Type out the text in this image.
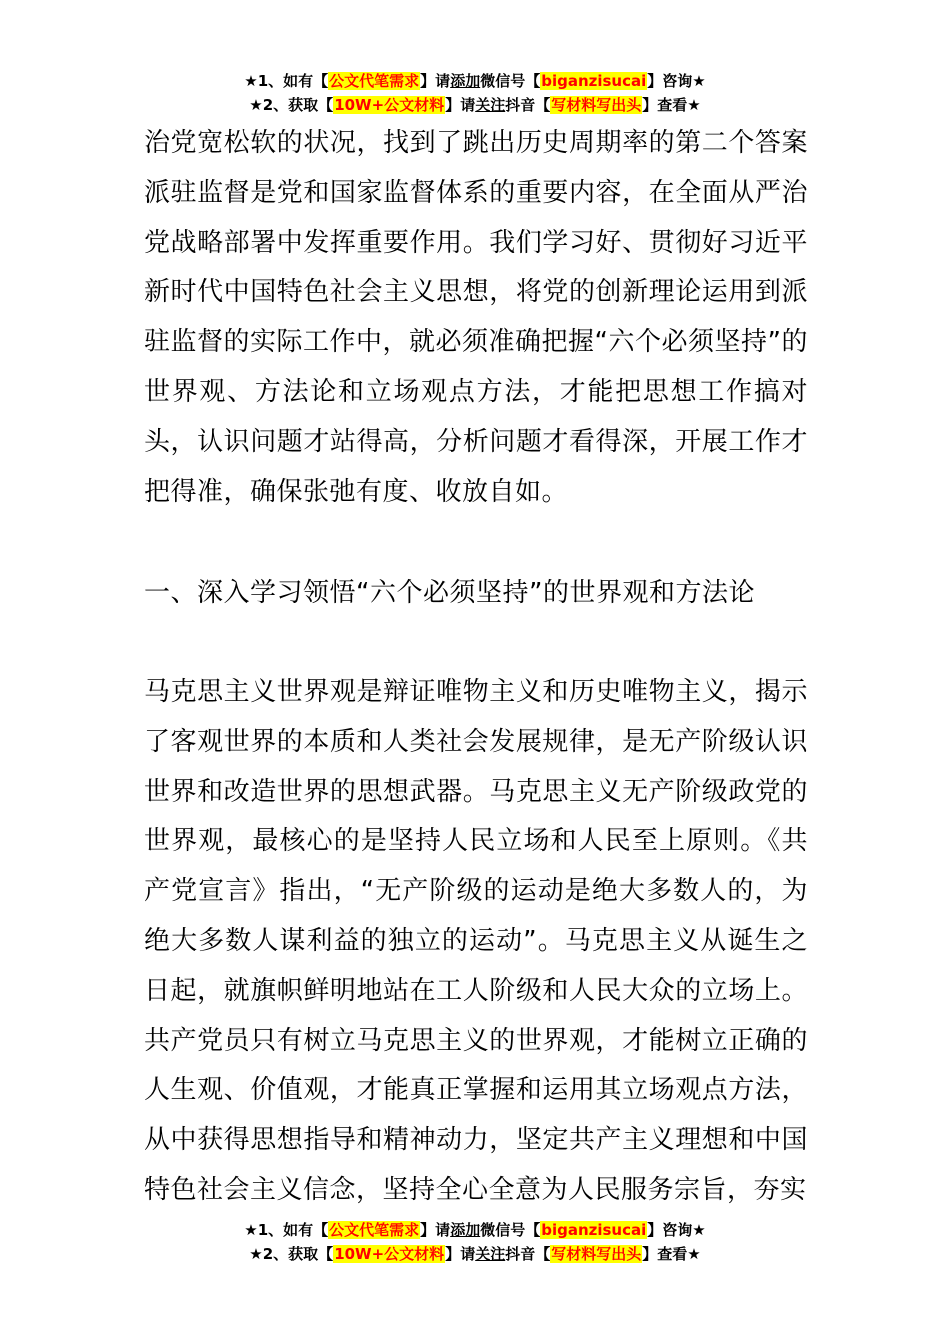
★1、如有【公文代笔需求】请添加微信号【biganzisucai】咨询★
★2、获取【10W+公文材料】请关注抖音【写材料写出头】查看★

治党宽松软的状况，找到了跳出历史周期率的第二个答案派驻监督是党和国家监督体系的重要内容，在全面从严治党战略部署中发挥重要作用。我们学习好、贯彻好习近平新时代中国特色社会主义思想，将党的创新理论运用到派驻监督的实际工作中，就必须准确把握“六个必须坚持”的世界观、方法论和立场观点方法，才能把思想工作搞对头，认识问题才站得高，分析问题才看得深，开展工作才把得准，确保张弛有度、收放自如。

一、深入学习领悟“六个必须坚持”的世界观和方法论

马克思主义世界观是辩证唯物主义和历史唯物主义，揭示了客观世界的本质和人类社会发展规律，是无产阶级认识世界和改造世界的思想武器。马克思主义无产阶级政党的世界观，最核心的是坚持人民立场和人民至上原则。《共产党宣言》指出，“无产阶级的运动是绝大多数人的，为绝大多数人谋利益的独立的运动”。马克思主义从诞生之日起，就旗帜鲜明地站在工人阶级和人民大众的立场上。共产党员只有树立马克思主义的世界观，才能树立正确的人生观、价值观，才能真正掌握和运用其立场观点方法，从中获得思想指导和精神动力，坚定共产主义理想和中国特色社会主义信念，坚持全心全意为人民服务宗旨，夯实

★1、如有【公文代笔需求】请添加微信号【biganzisucai】咨询★
★2、获取【10W+公文材料】请关注抖音【写材料写出头】查看★
